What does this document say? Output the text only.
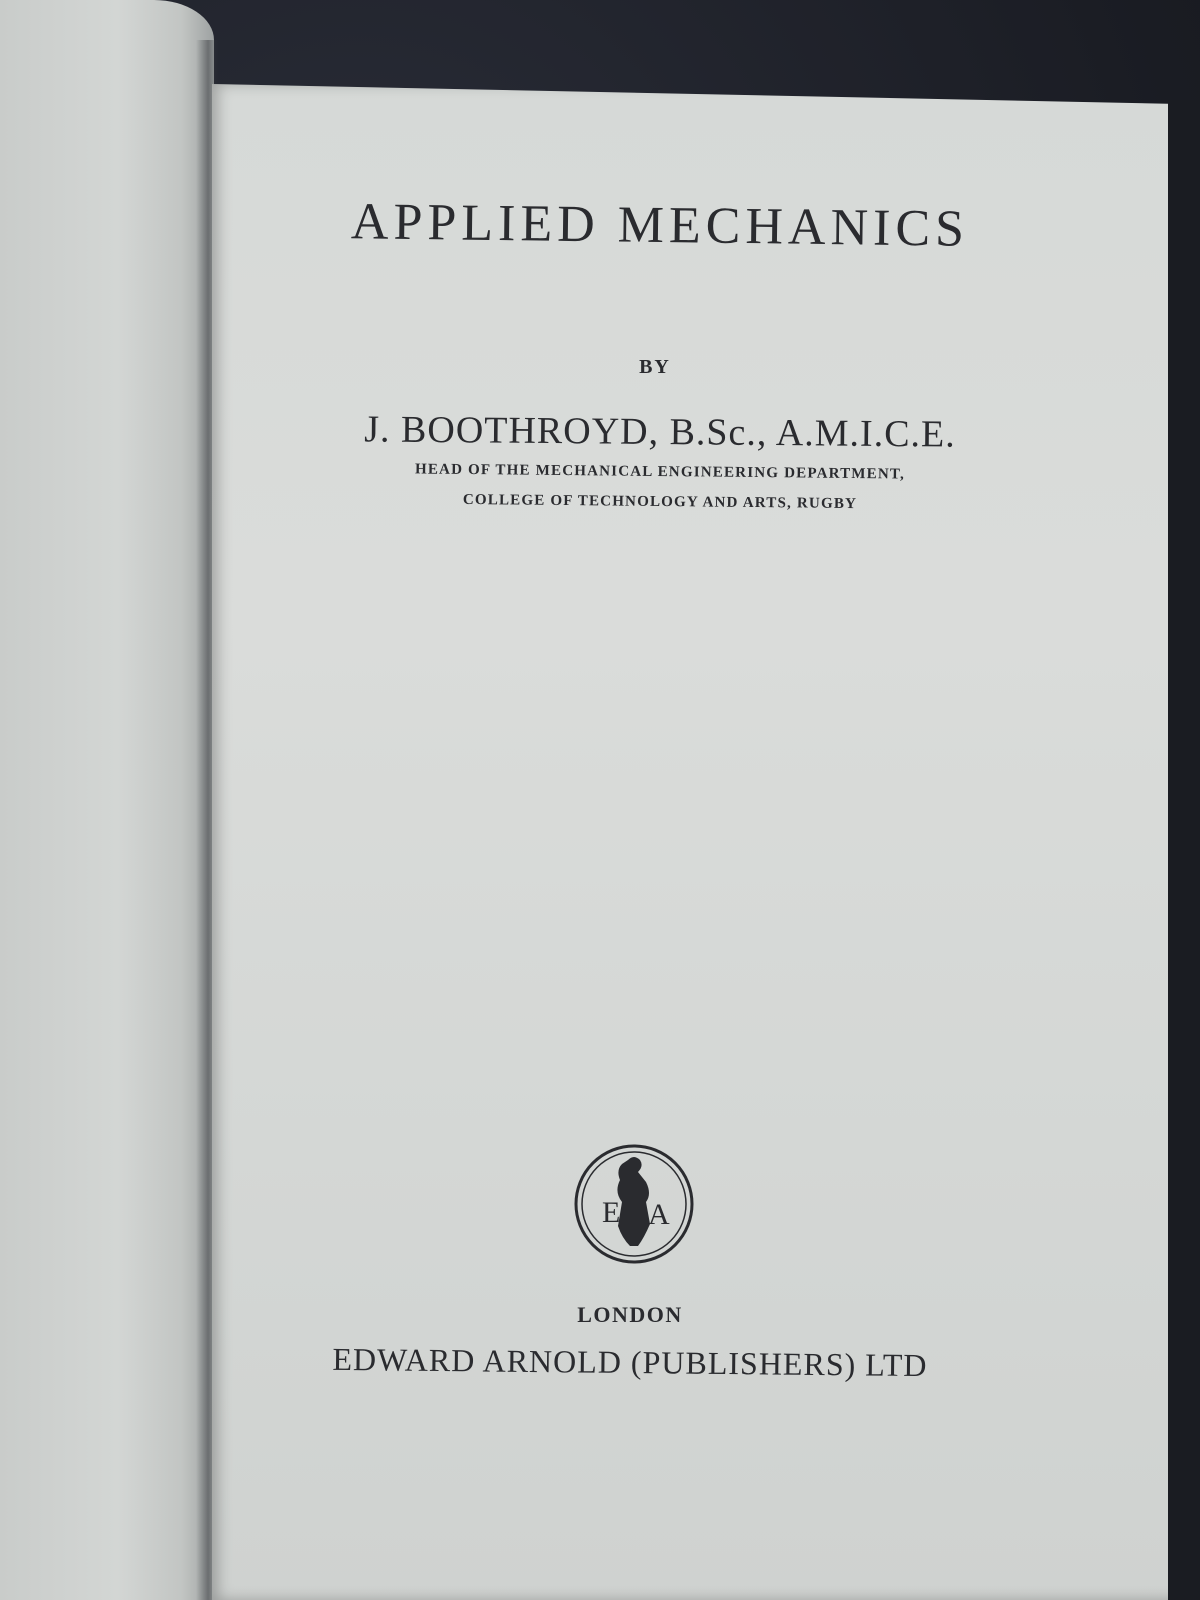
APPLIED MECHANICS
BY
J. BOOTHROYD, B.Sc., A.M.I.C.E.
HEAD OF THE MECHANICAL ENGINEERING DEPARTMENT,
COLLEGE OF TECHNOLOGY AND ARTS, RUGBY
E A
LONDON
EDWARD ARNOLD (PUBLISHERS) LTD
